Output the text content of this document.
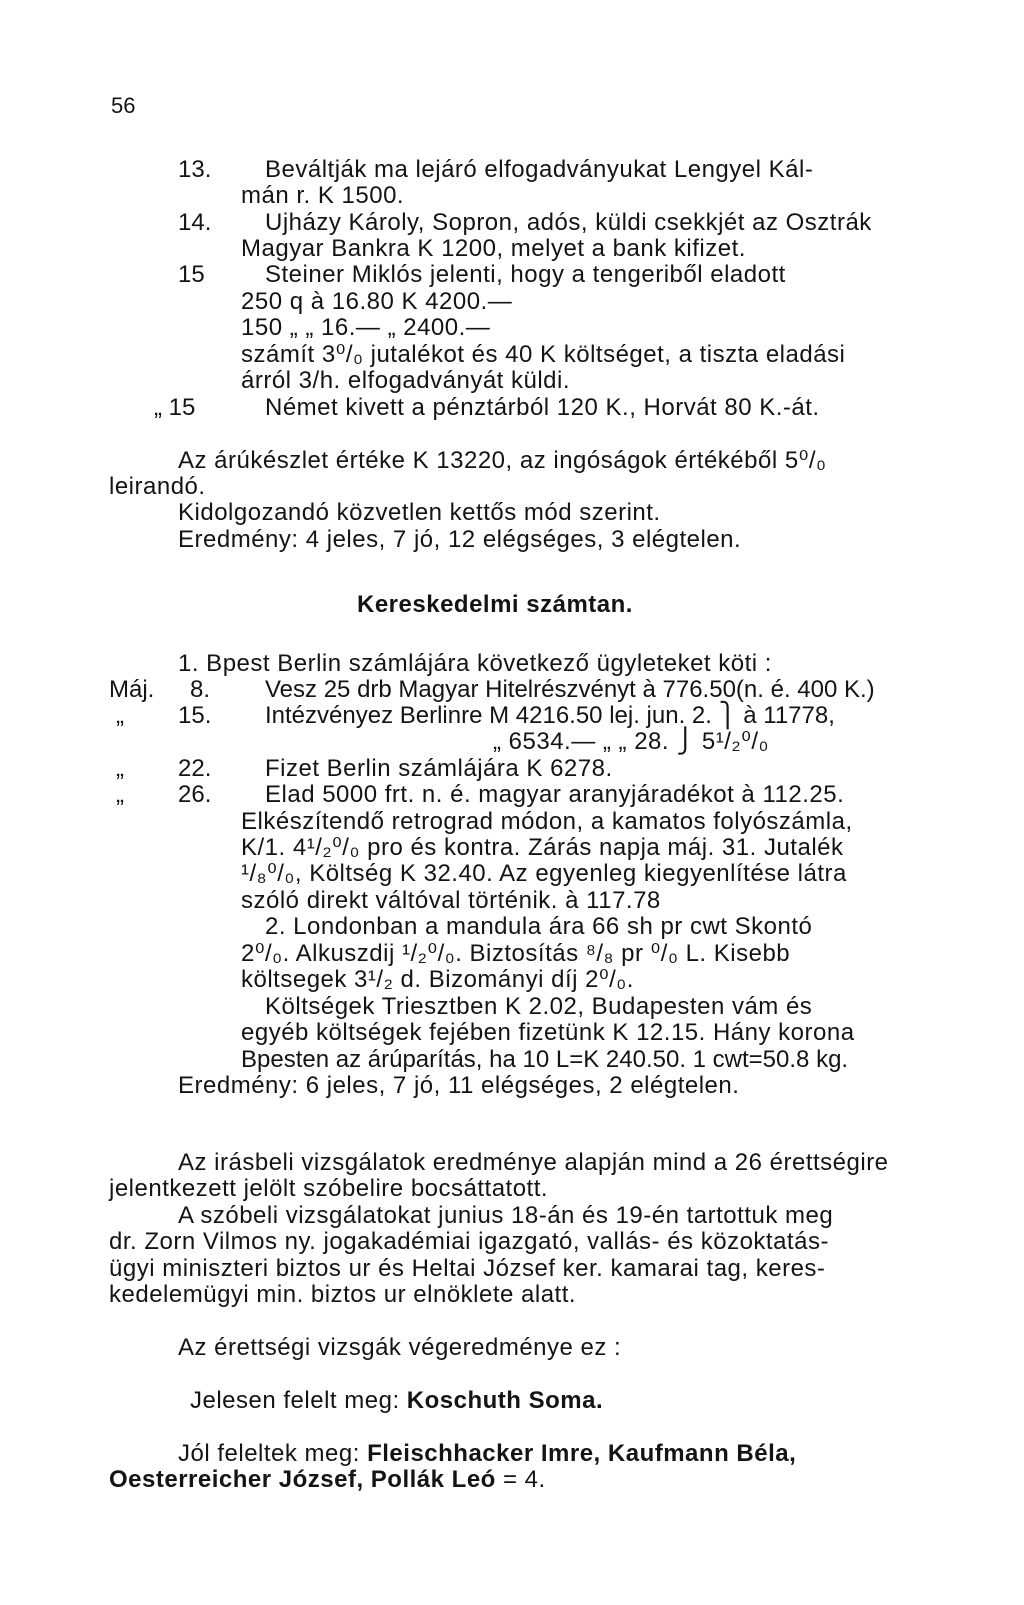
56
13. Beváltják ma lejáró elfogadványukat Lengyel Kál-
mán r. K 1500.
14. Ujházy Károly, Sopron, adós, küldi csekkjét az Osztrák
Magyar Bankra K 1200, melyet a bank kifizet.
15	Steiner Miklós jelenti, hogy a tengeriből eladott
250 q à 16.80 K 4200.—
150 „ „ 16.— „ 2400.—
számít 3⁰/₀ jutalékot és 40 K költséget, a tiszta eladási
árról 3/h. elfogadványát küldi.
„ 15	Német kivett a pénztárból 120 K., Horvát 80 K.-át.
Az árúkészlet értéke K 13220, az ingóságok értékéből 5⁰/₀
leirandó.
Kidolgozandó közvetlen kettős mód szerint.
Eredmény: 4 jeles, 7 jó, 12 elégséges, 3 elégtelen.
Kereskedelmi számtan.
1. Bpest Berlin számlájára következő ügyleteket köti :
Máj. 8. Vesz 25 drb Magyar Hitelrészvényt à 776.50(n. é. 400 K.)
„ 15. Intézvényez Berlinre M 4216.50 lej. jun. 2. ⎫ à 11778,
„ 6534.— „ „ 28. ⎭ 5¹/₂⁰/₀
„ 22. Fizet Berlin számlájára K 6278.
„ 26. Elad 5000 frt. n. é. magyar aranyjáradékot à 112.25.
Elkészítendő retrograd módon, a kamatos folyószámla,
K/1. 4¹/₂⁰/₀ pro és kontra. Zárás napja máj. 31. Jutalék
¹/₈⁰/₀, Költség K 32.40. Az egyenleg kiegyenlítése látra
szóló direkt váltóval történik. à 117.78
2. Londonban a mandula ára 66 sh pr cwt Skontó
2⁰/₀. Alkuszdij ¹/₂⁰/₀. Biztosítás ⁸/₈ pr ⁰/₀ L. Kisebb
költsegek 3¹/₂ d. Bizományi díj 2⁰/₀.
Költségek Triesztben K 2.02, Budapesten vám és
egyéb költségek fejében fizetünk K 12.15. Hány korona
Bpesten az árúparítás, ha 10 L=K 240.50. 1 cwt=50.8 kg.
Eredmény: 6 jeles, 7 jó, 11 elégséges, 2 elégtelen.
Az irásbeli vizsgálatok eredménye alapján mind a 26 érettségire
jelentkezett jelölt szóbelire bocsáttatott.
A szóbeli vizsgálatokat junius 18-án és 19-én tartottuk meg
dr. Zorn Vilmos ny. jogakadémiai igazgató, vallás- és közoktatás-
ügyi miniszteri biztos ur és Heltai József ker. kamarai tag, keres-
kedelemügyi min. biztos ur elnöklete alatt.
Az érettségi vizsgák végeredménye ez :
Jelesen felelt meg: Koschuth Soma.
Jól feleltek meg: Fleischhacker Imre, Kaufmann Béla,
Oesterreicher József, Pollák Leó = 4.
